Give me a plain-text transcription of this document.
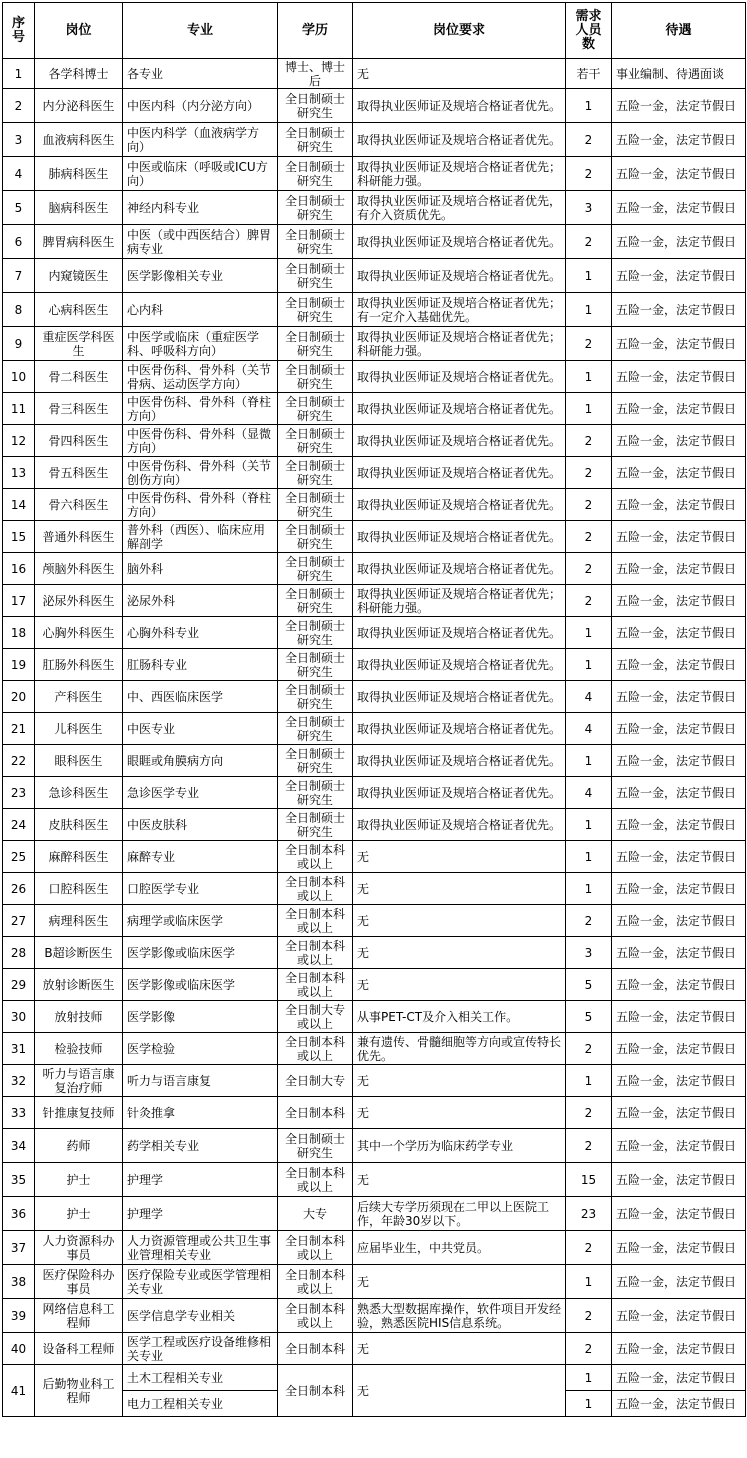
序号	岗位	专业	学历	岗位要求	需求人员数	待遇
1	各学科博士	各专业	博士、博士后	无	若干	事业编制、待遇面谈
2	内分泌科医生	中医内科（内分泌方向）	全日制硕士研究生	取得执业医师证及规培合格证者优先。	1	五险一金，法定节假日
3	血液病科医生	中医内科学（血液病学方向）	全日制硕士研究生	取得执业医师证及规培合格证者优先。	2	五险一金，法定节假日
4	肺病科医生	中医或临床（呼吸或ICU方向）	全日制硕士研究生	取得执业医师证及规培合格证者优先；科研能力强。	2	五险一金，法定节假日
5	脑病科医生	神经内科专业	全日制硕士研究生	取得执业医师证及规培合格证者优先，有介入资质优先。	3	五险一金，法定节假日
6	脾胃病科医生	中医（或中西医结合）脾胃病专业	全日制硕士研究生	取得执业医师证及规培合格证者优先。	2	五险一金，法定节假日
7	内窥镜医生	医学影像相关专业	全日制硕士研究生	取得执业医师证及规培合格证者优先。	1	五险一金，法定节假日
8	心病科医生	心内科	全日制硕士研究生	取得执业医师证及规培合格证者优先；有一定介入基础优先。	1	五险一金，法定节假日
9	重症医学科医生	中医学或临床（重症医学科、呼吸科方向）	全日制硕士研究生	取得执业医师证及规培合格证者优先；科研能力强。	2	五险一金，法定节假日
10	骨二科医生	中医骨伤科、骨外科（关节骨病、运动医学方向）	全日制硕士研究生	取得执业医师证及规培合格证者优先。	1	五险一金，法定节假日
11	骨三科医生	中医骨伤科、骨外科（脊柱方向）	全日制硕士研究生	取得执业医师证及规培合格证者优先。	1	五险一金，法定节假日
12	骨四科医生	中医骨伤科、骨外科（显微方向）	全日制硕士研究生	取得执业医师证及规培合格证者优先。	2	五险一金，法定节假日
13	骨五科医生	中医骨伤科、骨外科（关节创伤方向）	全日制硕士研究生	取得执业医师证及规培合格证者优先。	2	五险一金，法定节假日
14	骨六科医生	中医骨伤科、骨外科（脊柱方向）	全日制硕士研究生	取得执业医师证及规培合格证者优先。	2	五险一金，法定节假日
15	普通外科医生	普外科（西医）、临床应用解剖学	全日制硕士研究生	取得执业医师证及规培合格证者优先。	2	五险一金，法定节假日
16	颅脑外科医生	脑外科	全日制硕士研究生	取得执业医师证及规培合格证者优先。	2	五险一金，法定节假日
17	泌尿外科医生	泌尿外科	全日制硕士研究生	取得执业医师证及规培合格证者优先；科研能力强。	2	五险一金，法定节假日
18	心胸外科医生	心胸外科专业	全日制硕士研究生	取得执业医师证及规培合格证者优先。	1	五险一金，法定节假日
19	肛肠外科医生	肛肠科专业	全日制硕士研究生	取得执业医师证及规培合格证者优先。	1	五险一金，法定节假日
20	产科医生	中、西医临床医学	全日制硕士研究生	取得执业医师证及规培合格证者优先。	4	五险一金，法定节假日
21	儿科医生	中医专业	全日制硕士研究生	取得执业医师证及规培合格证者优先。	4	五险一金，法定节假日
22	眼科医生	眼睚或角膜病方向	全日制硕士研究生	取得执业医师证及规培合格证者优先。	1	五险一金，法定节假日
23	急诊科医生	急诊医学专业	全日制硕士研究生	取得执业医师证及规培合格证者优先。	4	五险一金，法定节假日
24	皮肤科医生	中医皮肤科	全日制硕士研究生	取得执业医师证及规培合格证者优先。	1	五险一金，法定节假日
25	麻醉科医生	麻醉专业	全日制本科或以上	无	1	五险一金，法定节假日
26	口腔科医生	口腔医学专业	全日制本科或以上	无	1	五险一金，法定节假日
27	病理科医生	病理学或临床医学	全日制本科或以上	无	2	五险一金，法定节假日
28	B超诊断医生	医学影像或临床医学	全日制本科或以上	无	3	五险一金，法定节假日
29	放射诊断医生	医学影像或临床医学	全日制本科或以上	无	5	五险一金，法定节假日
30	放射技师	医学影像	全日制大专或以上	从事PET-CT及介入相关工作。	5	五险一金，法定节假日
31	检验技师	医学检验	全日制本科或以上	兼有遗传、骨髓细胞等方向或宣传特长优先。	2	五险一金，法定节假日
32	听力与语言康复治疗师	听力与语言康复	全日制大专	无	1	五险一金，法定节假日
33	针推康复技师	针灸推拿	全日制本科	无	2	五险一金，法定节假日
34	药师	药学相关专业	全日制硕士研究生	其中一个学历为临床药学专业	2	五险一金，法定节假日
35	护士	护理学	全日制本科或以上	无	15	五险一金，法定节假日
36	护士	护理学	大专	后续大专学历须现在二甲以上医院工作，年龄30岁以下。	23	五险一金，法定节假日
37	人力资源科办事员	人力资源管理或公共卫生事业管理相关专业	全日制本科或以上	应届毕业生，中共党员。	2	五险一金，法定节假日
38	医疗保险科办事员	医疗保险专业或医学管理相关专业	全日制本科或以上	无	1	五险一金，法定节假日
39	网络信息科工程师	医学信息学专业相关	全日制本科或以上	熟悉大型数据库操作，软件项目开发经验，熟悉医院HIS信息系统。	2	五险一金，法定节假日
40	设备科工程师	医学工程或医疗设备维修相关专业	全日制本科	无	2	五险一金，法定节假日
41	后勤物业科工程师	土木工程相关专业	全日制本科	无	1	五险一金，法定节假日
		电力工程相关专业			1	五险一金，法定节假日
